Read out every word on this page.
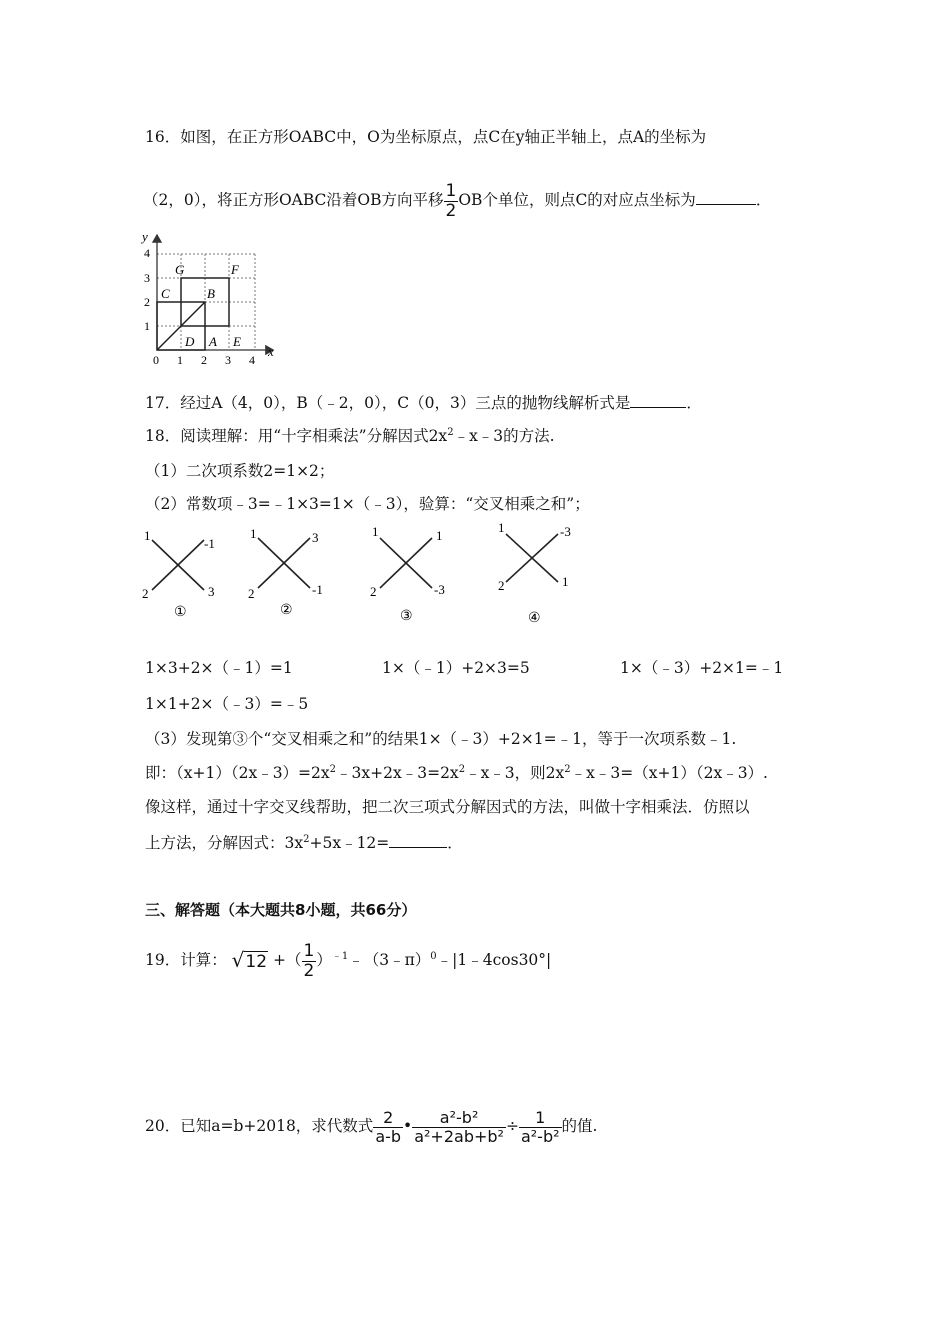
16．如图，在正方形OABC中，O为坐标原点，点C在y轴正半轴上，点A的坐标为
（2，0），将正方形OABC沿着OB方向平移 $\frac{1}{2}$ OB个单位，则点C的对应点坐标为	．
y
x
4
3
2
1
0 1 2 3 4
G	F
C	B
D A E
17．经过A（4，0），B（﹣2，0），C（0，3）三点的抛物线解析式是	．
18．阅读理解：用“十字相乘法”分解因式$2x^2﹣x﹣3$的方法.
（1）二次项系数2=1×2；
（2）常数项﹣3=﹣1×3=1×（﹣3），验算：“交叉相乘之和”；
1
-1
2	3
①
1	3
2	-1
②
1	1
2	-3
③
1	-3
2	1
④
1×3+2×（﹣1）=1	1×（﹣1）+2×3=5	1×（﹣3）+2×1=﹣1
1×1+2×（﹣3）=﹣5
（3）发现第③个“交叉相乘之和”的结果1×（﹣3）+2×1=﹣1，等于一次项系数﹣1.
即：$(x+1)(2x﹣3)=2x^2﹣3x+2x﹣3=2x^2﹣x﹣3$，则$2x^2﹣x﹣3=(x+1)(2x﹣3)$.
像这样，通过十字交叉线帮助，把二次三项式分解因式的方法，叫做十字相乘法．仿照以
上方法，分解因式：$3x^2+5x﹣12=$	．
三、解答题（本大题共8小题，共66分）
19．计算： √12 +（ $\frac{1}{2}$ ）$^{﹣1}$﹣（3﹣π）$^0$﹣|1﹣4cos30°|
20．已知a=b+2018，求代数式 $\frac{2}{a-b}$ • $\frac{\text{a²-b²}}{\text{a²+2ab+b²}} \div \frac{1}{\text{a²-b²}}$ 的值.
